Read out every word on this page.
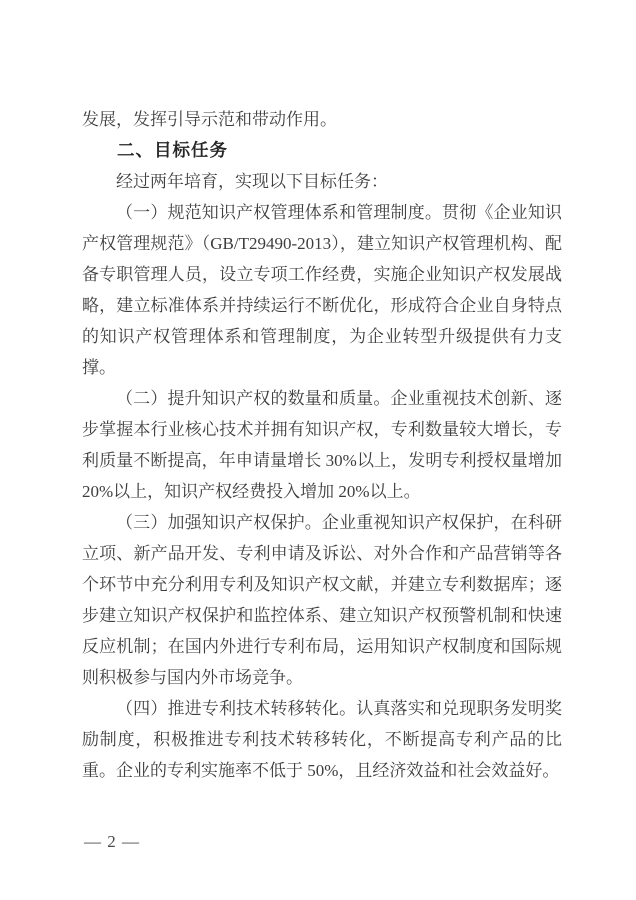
发展，发挥引导示范和带动作用。

二、目标任务

经过两年培育，实现以下目标任务：

（一）规范知识产权管理体系和管理制度。贯彻《企业知识产权管理规范》（GB/T29490-2013），建立知识产权管理机构、配备专职管理人员，设立专项工作经费，实施企业知识产权发展战略，建立标准体系并持续运行不断优化，形成符合企业自身特点的知识产权管理体系和管理制度，为企业转型升级提供有力支撑。

（二）提升知识产权的数量和质量。企业重视技术创新、逐步掌握本行业核心技术并拥有知识产权，专利数量较大增长，专利质量不断提高，年申请量增长 30%以上，发明专利授权量增加 20%以上，知识产权经费投入增加 20%以上。

（三）加强知识产权保护。企业重视知识产权保护，在科研立项、新产品开发、专利申请及诉讼、对外合作和产品营销等各个环节中充分利用专利及知识产权文献，并建立专利数据库；逐步建立知识产权保护和监控体系、建立知识产权预警机制和快速反应机制；在国内外进行专利布局，运用知识产权制度和国际规则积极参与国内外市场竞争。

（四）推进专利技术转移转化。认真落实和兑现职务发明奖励制度，积极推进专利技术转移转化，不断提高专利产品的比重。企业的专利实施率不低于 50%，且经济效益和社会效益好。

— 2 —
